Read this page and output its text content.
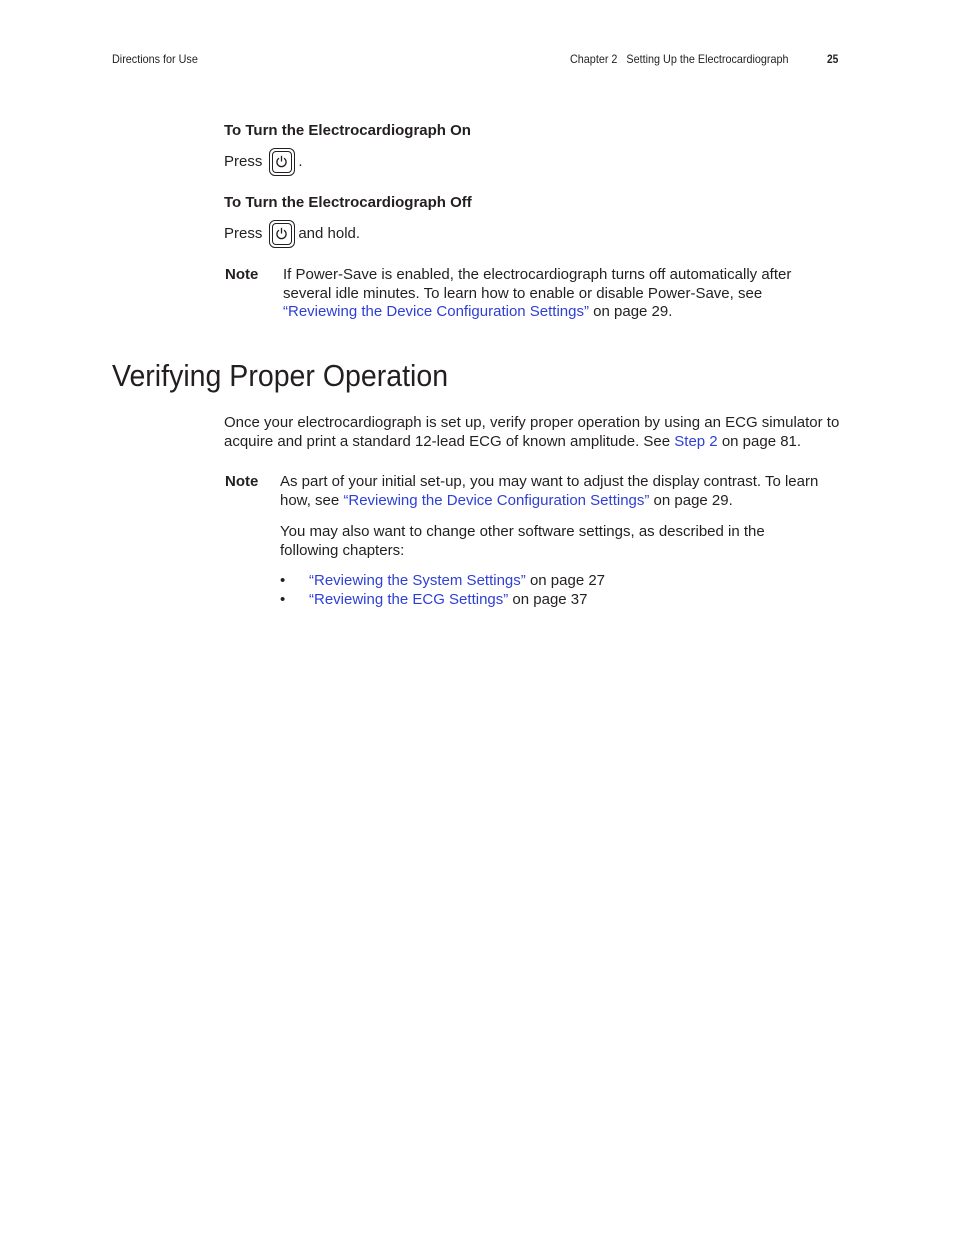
Directions for Use	Chapter 2   Setting Up the Electrocardiograph	25
To Turn the Electrocardiograph On
Press .
To Turn the Electrocardiograph Off
Press and hold.
Note If Power-Save is enabled, the electrocardiograph turns off automatically after several idle minutes. To learn how to enable or disable Power-Save, see “Reviewing the Device Configuration Settings” on page 29.
Verifying Proper Operation
Once your electrocardiograph is set up, verify proper operation by using an ECG simulator to acquire and print a standard 12-lead ECG of known amplitude. See Step 2 on page 81.
Note As part of your initial set-up, you may want to adjust the display contrast. To learn how, see “Reviewing the Device Configuration Settings” on page 29.
You may also want to change other software settings, as described in the following chapters:
• “Reviewing the System Settings” on page 27
• “Reviewing the ECG Settings” on page 37
